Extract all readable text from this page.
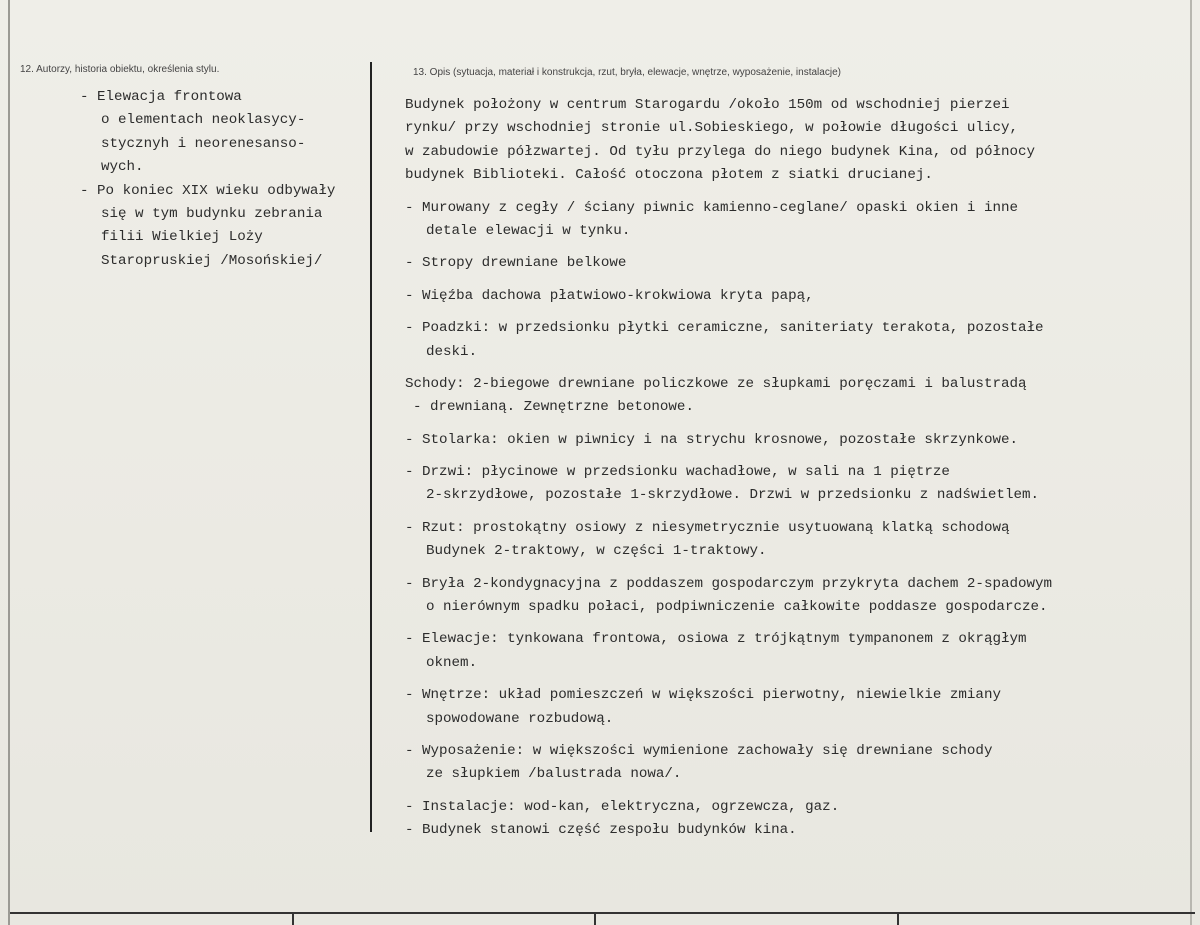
12. Autorzy, historia obiektu, określenia stylu.	13. Opis (sytuacja, materiał i konstrukcja, rzut, bryła, elewacje, wnętrze, wyposażenie, instalacje)
- Elewacja frontowa
o elementach neoklasycy-
stycznyh i neorenesanso-
wych.
- Po koniec XIX wieku odbywały
się w tym budynku zebrania
filii Wielkiej Loży
Staropruskiej /Mosońskiej/
Budynek położony w centrum Starogardu /około 150m od wschodniej pierzei
rynku/ przy wschodniej stronie ul.Sobieskiego, w połowie długości ulicy,
w zabudowie półzwartej. Od tyłu przylega do niego budynek Kina, od północy
budynek Biblioteki. Całość otoczona płotem z siatki drucianej.
- Murowany z cegły / ściany piwnic kamienno-ceglane/ opaski okien i inne
detale elewacji w tynku.
- Stropy drewniane belkowe
- Więźba dachowa płatwiowo-krokwiowa kryta papą,
- Poadzki: w przedsionku płytki ceramiczne, saniteriaty terakota, pozostałe
deski.
Schody: 2-biegowe drewniane policzkowe ze słupkami poręczami i balustradą
- drewnianą. Zewnętrzne betonowe.
- Stolarka: okien w piwnicy i na strychu krosnowe, pozostałe skrzynkowe.
- Drzwi: płycinowe w przedsionku wachadłowe, w sali na 1 piętrze
2-skrzydłowe, pozostałe 1-skrzydłowe. Drzwi w przedsionku z nadświetlem.
- Rzut: prostokątny osiowy z niesymetrycznie usytuowaną klatką schodową
Budynek 2-traktowy, w części 1-traktowy.
- Bryła 2-kondygnacyjna z poddaszem gospodarczym przykryta dachem 2-spadowym
o nierównym spadku połaci, podpiwniczenie całkowite poddasze gospodarcze.
- Elewacje: tynkowana frontowa, osiowa z trójkątnym tympanonem z okrągłym
oknem.
- Wnętrze: układ pomieszczeń w większości pierwotny, niewielkie zmiany
spowodowane rozbudową.
- Wyposażenie: w większości wymienione zachowały się drewniane schody
ze słupkiem /balustrada nowa/.
- Instalacje: wod-kan, elektryczna, ogrzewcza, gaz.
- Budynek stanowi część zespołu budynków kina.
